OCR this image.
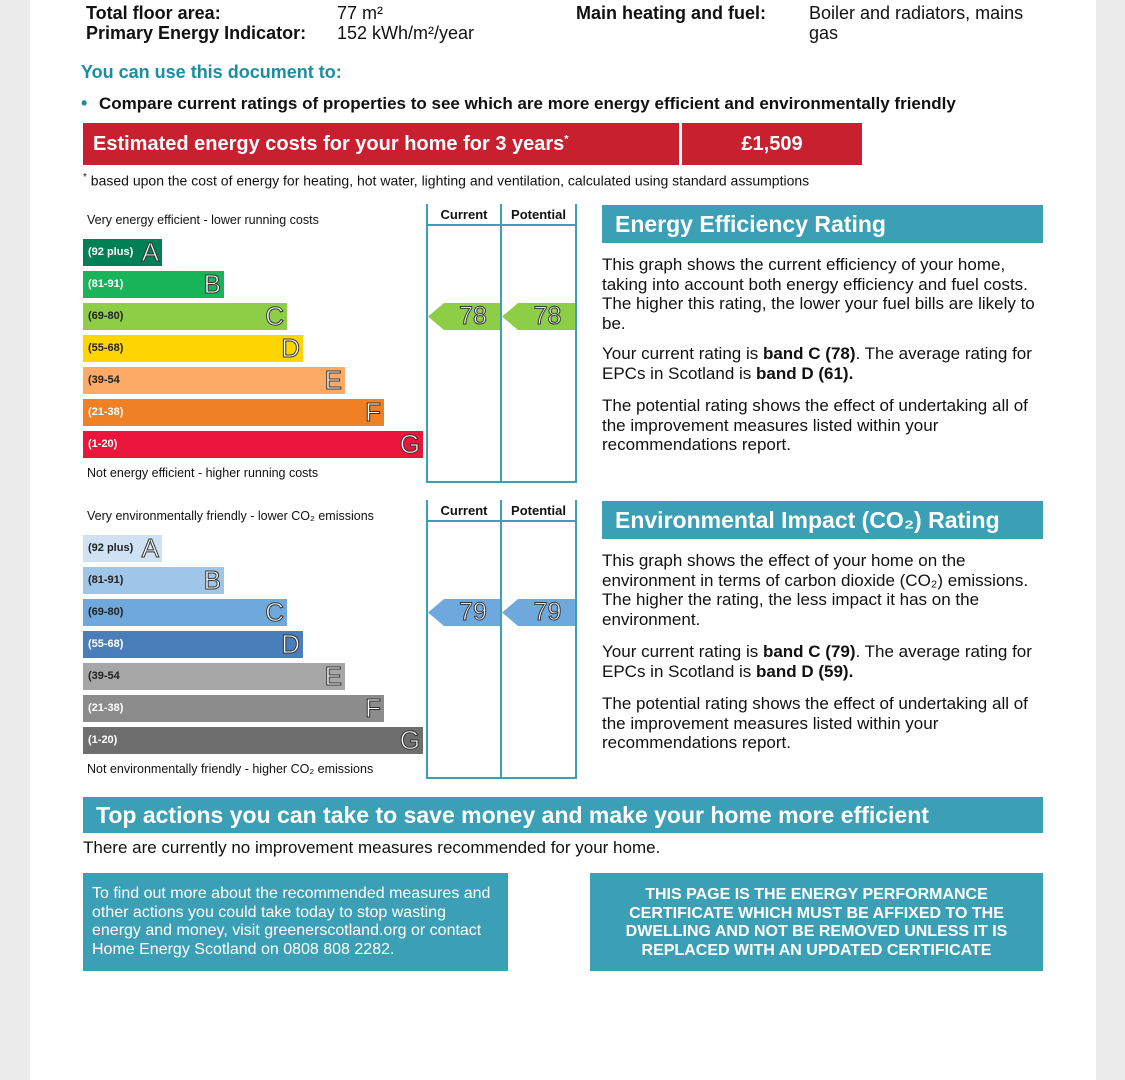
Total floor area:	77 m²
Primary Energy Indicator: 152 kWh/m²/year
Main heating and fuel: Boiler and radiators, mains gas
You can use this document to:
• Compare current ratings of properties to see which are more energy efficient and environmentally friendly
Estimated energy costs for your home for 3 years*	£1,509
* based upon the cost of energy for heating, hot water, lighting and ventilation, calculated using standard assumptions
Current	Potential
Very energy efficient - lower running costs
Not energy efficient - higher running costs
(92 plus) A
(81-91)	B
(69-80)	C
(55-68)	D
(39-54	E
(21-38)	F
(1-20)	G
78	78
Current	Potential
Very environmentally friendly - lower CO₂ emissions
Not environmentally friendly - higher CO₂ emissions
(92 plus) A
(81-91)	B
(69-80)	C
(55-68)	D
(39-54	E
(21-38)	F
(1-20)	G
79	79
Energy Efficiency Rating
This graph shows the current efficiency of your home, taking into account both energy efficiency and fuel costs. The higher this rating, the lower your fuel bills are likely to be.
Your current rating is band C (78). The average rating for EPCs in Scotland is band D (61).
The potential rating shows the effect of undertaking all of the improvement measures listed within your recommendations report.
Environmental Impact (CO₂) Rating
This graph shows the effect of your home on the environment in terms of carbon dioxide (CO₂) emissions. The higher the rating, the less impact it has on the environment.
Your current rating is band C (79). The average rating for EPCs in Scotland is band D (59).
The potential rating shows the effect of undertaking all of the improvement measures listed within your recommendations report.
Top actions you can take to save money and make your home more efficient
There are currently no improvement measures recommended for your home.
To find out more about the recommended measures and other actions you could take today to stop wasting energy and money, visit greenerscotland.org or contact Home Energy Scotland on 0808 808 2282.
THIS PAGE IS THE ENERGY PERFORMANCE CERTIFICATE WHICH MUST BE AFFIXED TO THE DWELLING AND NOT BE REMOVED UNLESS IT IS REPLACED WITH AN UPDATED CERTIFICATE
